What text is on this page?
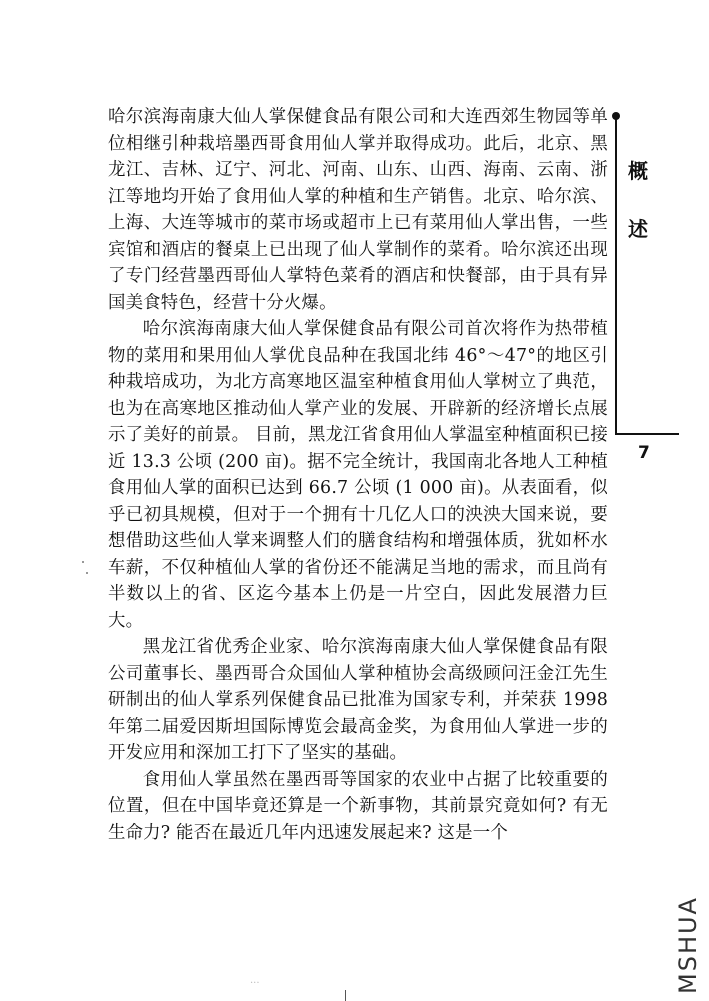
哈尔滨海南康大仙人掌保健食品有限公司和大连西郊生物园等单位相继引种栽培墨西哥食用仙人掌并取得成功。此后，北京、黑龙江、吉林、辽宁、河北、河南、山东、山西、海南、云南、浙江等地均开始了食用仙人掌的种植和生产销售。北京、哈尔滨、上海、大连等城市的菜市场或超市上已有菜用仙人掌出售，一些宾馆和酒店的餐桌上已出现了仙人掌制作的菜肴。哈尔滨还出现了专门经营墨西哥仙人掌特色菜肴的酒店和快餐部，由于具有异国美食特色，经营十分火爆。

哈尔滨海南康大仙人掌保健食品有限公司首次将作为热带植物的菜用和果用仙人掌优良品种在我国北纬 46°～47°的地区引种栽培成功，为北方高寒地区温室种植食用仙人掌树立了典范，也为在高寒地区推动仙人掌产业的发展、开辟新的经济增长点展示了美好的前景。 目前，黑龙江省食用仙人掌温室种植面积已接近 13.3 公顷 (200 亩)。据不完全统计，我国南北各地人工种植食用仙人掌的面积已达到 66.7 公顷 (1 000 亩)。从表面看，似乎已初具规模，但对于一个拥有十几亿人口的泱泱大国来说，要想借助这些仙人掌来调整人们的膳食结构和增强体质，犹如杯水车薪，不仅种植仙人掌的省份还不能满足当地的需求，而且尚有半数以上的省、区迄今基本上仍是一片空白，因此发展潜力巨大。

黑龙江省优秀企业家、哈尔滨海南康大仙人掌保健食品有限公司董事长、墨西哥合众国仙人掌种植协会高级顾问汪金江先生研制出的仙人掌系列保健食品已批准为国家专利，并荣获 1998 年第二届爱因斯坦国际博览会最高金奖，为食用仙人掌进一步的开发应用和深加工打下了坚实的基础。

食用仙人掌虽然在墨西哥等国家的农业中占据了比较重要的位置，但在中国毕竟还算是一个新事物，其前景究竟如何? 有无生命力? 能否在最近几年内迅速发展起来? 这是一个

概
述
7
MSHUA
...
